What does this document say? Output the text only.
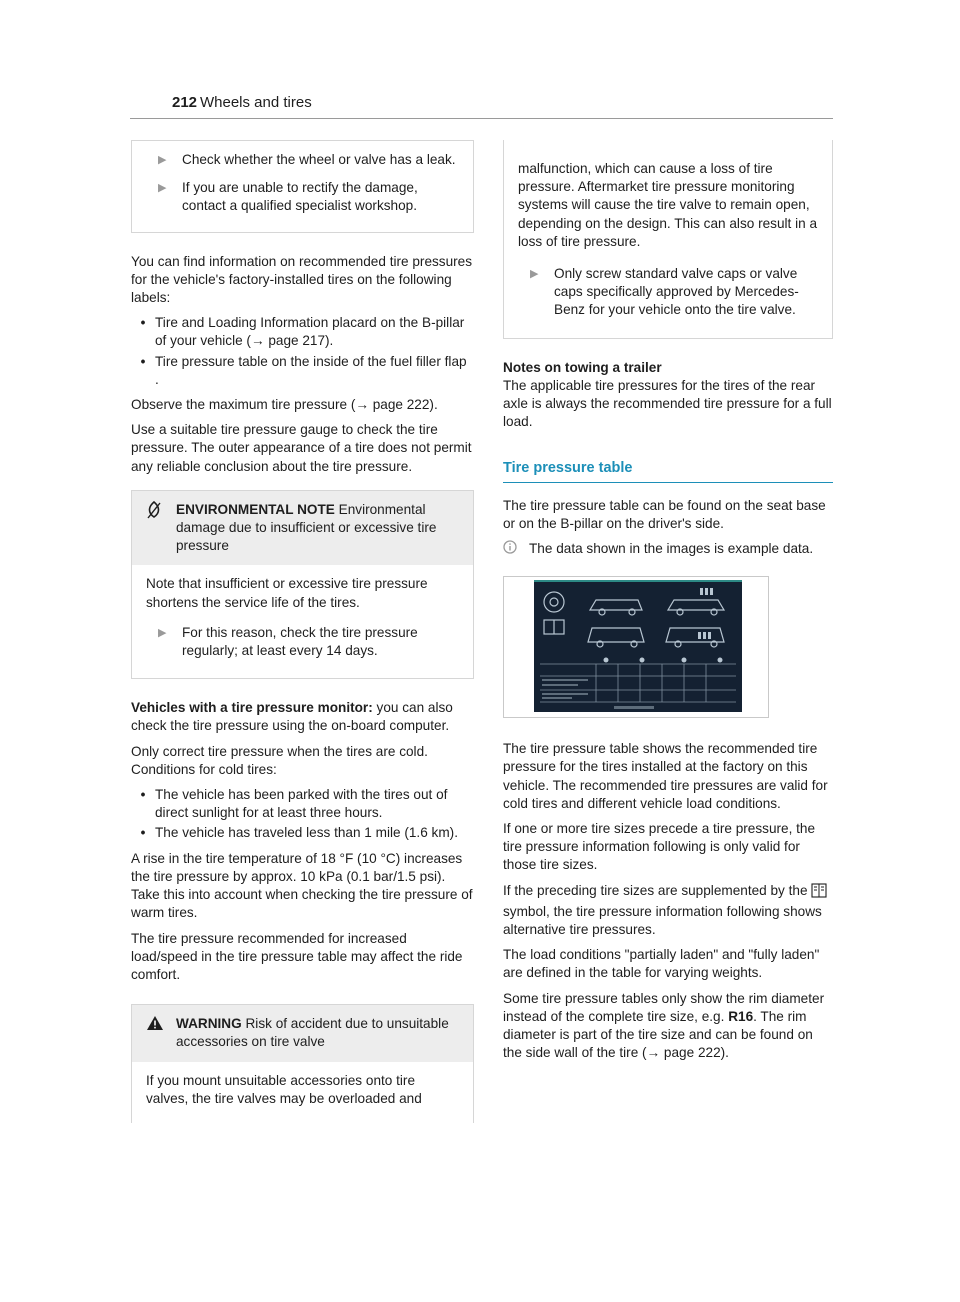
212 Wheels and tires
▶	Check whether the wheel or valve has a leak.
▶	If you are unable to rectify the damage, contact a qualified specialist workshop.

You can find information on recommended tire pressures for the vehicle's factory-installed tires on the following labels:

• Tire and Loading Information placard on the B-pillar of your vehicle (→ page 217).
• Tire pressure table on the inside of the fuel filler flap .

Observe the maximum tire pressure (→ page 222).

Use a suitable tire pressure gauge to check the tire pressure. The outer appearance of a tire does not permit any reliable conclusion about the tire pressure.

ENVIRONMENTAL NOTE Environmental damage due to insufficient or excessive tire pressure

Note that insufficient or excessive tire pressure shortens the service life of the tires.

▶	For this reason, check the tire pressure regularly; at least every 14 days.

Vehicles with a tire pressure monitor: you can also check the tire pressure using the on-board computer.

Only correct tire pressure when the tires are cold. Conditions for cold tires:

• The vehicle has been parked with the tires out of direct sunlight for at least three hours.
• The vehicle has traveled less than 1 mile (1.6 km).

A rise in the tire temperature of 18 °F (10 °C) increases the tire pressure by approx. 10 kPa (0.1 bar/1.5 psi). Take this into account when checking the tire pressure of warm tires.

The tire pressure recommended for increased load/speed in the tire pressure table may affect the ride comfort.

WARNING Risk of accident due to unsuitable accessories on tire valve

If you mount unsuitable accessories onto tire valves, the tire valves may be overloaded and

malfunction, which can cause a loss of tire pressure. Aftermarket tire pressure monitoring systems will cause the tire valve to remain open, depending on the design. This can also result in a loss of tire pressure.

▶	Only screw standard valve caps or valve caps specifically approved by Mercedes-Benz for your vehicle onto the tire valve.

Notes on towing a trailer

The applicable tire pressures for the tires of the rear axle is always the recommended tire pressure for a full load.

Tire pressure table

The tire pressure table can be found on the seat base or on the B-pillar on the driver's side.

The data shown in the images is example data.

The tire pressure table shows the recommended tire pressure for the tires installed at the factory on this vehicle. The recommended tire pressures are valid for cold tires and different vehicle load conditions.

If one or more tire sizes precede a tire pressure, the tire pressure information following is only valid for those tire sizes.

If the preceding tire sizes are supplemented by the  symbol, the tire pressure information following shows alternative tire pressures.

The load conditions "partially laden" and "fully laden" are defined in the table for varying weights.

Some tire pressure tables only show the rim diameter instead of the complete tire size, e.g. R16. The rim diameter is part of the tire size and can be found on the side wall of the tire (→ page 222).
